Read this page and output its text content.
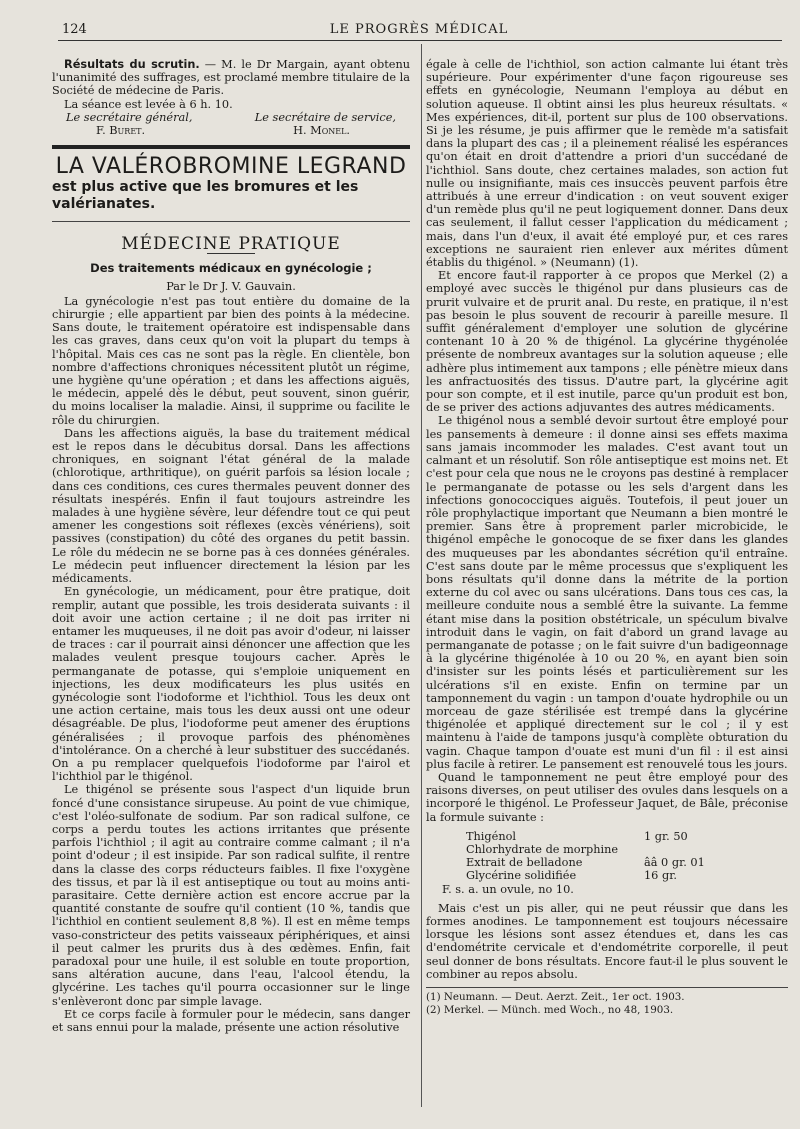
124	LE PROGRÈS MÉDICAL

Résultats du scrutin. — M. le Dr Margain, ayant obtenu l'unanimité des suffrages, est proclamé membre titulaire de la Société de médecine de Paris.

La séance est levée à 6 h. 10.

Le secrétaire général,	Le secrétaire de service,
F. Buret.	H. Monel.
LA VALÉROBROMINE LEGRAND
est plus active que les bromures et les valérianates.
MÉDECINE PRATIQUE
Des traitements médicaux en gynécologie ;
Par le Dr J. V. Gauvain.

La gynécologie n'est pas tout entière du domaine de la chirurgie ; elle appartient par bien des points à la médecine. Sans doute, le traitement opératoire est indispensable dans les cas graves, dans ceux qu'on voit la plupart du temps à l'hôpital. Mais ces cas ne sont pas la règle. En clientèle, bon nombre d'affections chroniques nécessitent plutôt un régime, une hygiène qu'une opération ; et dans les affections aiguës, le médecin, appelé dès le début, peut souvent, sinon guérir, du moins localiser la maladie. Ainsi, il supprime ou facilite le rôle du chirurgien.

Dans les affections aiguës, la base du traitement médical est le repos dans le décubitus dorsal. Dans les affections chroniques, en soignant l'état général de la malade (chlorotique, arthritique), on guérit parfois sa lésion locale ; dans ces conditions, ces cures thermales peuvent donner des résultats inespérés. Enfin il faut toujours astreindre les malades à une hygiène sévère, leur défendre tout ce qui peut amener les congestions soit réflexes (excès vénériens), soit passives (constipation) du côté des organes du petit bassin. Le rôle du médecin ne se borne pas à ces données générales. Le médecin peut influencer directement la lésion par les médicaments.

En gynécologie, un médicament, pour être pratique, doit remplir, autant que possible, les trois desiderata suivants : il doit avoir une action certaine ; il ne doit pas irriter ni entamer les muqueuses, il ne doit pas avoir d'odeur, ni laisser de traces : car il pourrait ainsi dénoncer une affection que les malades veulent presque toujours cacher. Après le permanganate de potasse, qui s'emploie uniquement en injections, les deux modificateurs les plus usités en gynécologie sont l'iodoforme et l'ichthiol. Tous les deux ont une action certaine, mais tous les deux aussi ont une odeur désagréable. De plus, l'iodoforme peut amener des éruptions généralisées ; il provoque parfois des phénomènes d'intolérance. On a cherché à leur substituer des succédanés. On a pu remplacer quelquefois l'iodoforme par l'airol et l'ichthiol par le thigénol.

Le thigénol se présente sous l'aspect d'un liquide brun foncé d'une consistance sirupeuse. Au point de vue chimique, c'est l'oléo-sulfonate de sodium. Par son radical sulfone, ce corps a perdu toutes les actions irritantes que présente parfois l'ichthiol ; il agit au contraire comme calmant ; il n'a point d'odeur ; il est insipide. Par son radical sulfite, il rentre dans la classe des corps réducteurs faibles. Il fixe l'oxygène des tissus, et par là il est antiseptique ou tout au moins anti-parasitaire. Cette dernière action est encore accrue par la quantité constante de soufre qu'il contient (10 %, tandis que l'ichthiol en contient seulement 8,8 %). Il est en même temps vaso-constricteur des petits vaisseaux périphériques, et ainsi il peut calmer les prurits dus à des œdèmes. Enfin, fait paradoxal pour une huile, il est soluble en toute proportion, sans altération aucune, dans l'eau, l'alcool étendu, la glycérine. Les taches qu'il pourra occasionner sur le linge s'enlèveront donc par simple lavage.

Et ce corps facile à formuler pour le médecin, sans danger et sans ennui pour la malade, présente une action résolutive

égale à celle de l'ichthiol, son action calmante lui étant très supérieure. Pour expérimenter d'une façon rigoureuse ses effets en gynécologie, Neumann l'employa au début en solution aqueuse. Il obtint ainsi les plus heureux résultats. « Mes expériences, dit-il, portent sur plus de 100 observations. Si je les résume, je puis affirmer que le remède m'a satisfait dans la plupart des cas ; il a pleinement réalisé les espérances qu'on était en droit d'attendre a priori d'un succédané de l'ichthiol. Sans doute, chez certaines malades, son action fut nulle ou insignifiante, mais ces insuccès peuvent parfois être attribués à une erreur d'indication : on veut souvent exiger d'un remède plus qu'il ne peut logiquement donner. Dans deux cas seulement, il fallut cesser l'application du médicament ; mais, dans l'un d'eux, il avait été employé pur, et ces rares exceptions ne sauraient rien enlever aux mérites dûment établis du thigénol. » (Neumann) (1).

Et encore faut-il rapporter à ce propos que Merkel (2) a employé avec succès le thigénol pur dans plusieurs cas de prurit vulvaire et de prurit anal. Du reste, en pratique, il n'est pas besoin le plus souvent de recourir à pareille mesure. Il suffit généralement d'employer une solution de glycérine contenant 10 à 20 % de thigénol. La glycérine thygénolée présente de nombreux avantages sur la solution aqueuse ; elle adhère plus intimement aux tampons ; elle pénètre mieux dans les anfractuosités des tissus. D'autre part, la glycérine agit pour son compte, et il est inutile, parce qu'un produit est bon, de se priver des actions adjuvantes des autres médicaments.

Le thigénol nous a semblé devoir surtout être employé pour les pansements à demeure : il donne ainsi ses effets maxima sans jamais incommoder les malades. C'est avant tout un calmant et un résolutif. Son rôle antiseptique est moins net. Et c'est pour cela que nous ne le croyons pas destiné à remplacer le permanganate de potasse ou les sels d'argent dans les infections gonococciques aiguës. Toutefois, il peut jouer un rôle prophylactique important que Neumann a bien montré le premier. Sans être à proprement parler microbicide, le thigénol empêche le gonocoque de se fixer dans les glandes des muqueuses par les abondantes sécrétion qu'il entraîne. C'est sans doute par le même processus que s'expliquent les bons résultats qu'il donne dans la métrite de la portion externe du col avec ou sans ulcérations. Dans tous ces cas, la meilleure conduite nous a semblé être la suivante. La femme étant mise dans la position obstétricale, un spéculum bivalve introduit dans le vagin, on fait d'abord un grand lavage au permanganate de potasse ; on le fait suivre d'un badigeonnage à la glycérine thigénolée à 10 ou 20 %, en ayant bien soin d'insister sur les points lésés et particulièrement sur les ulcérations s'il en existe. Enfin on termine par un tamponnement du vagin : un tampon d'ouate hydrophile ou un morceau de gaze stérilisée est trempé dans la glycérine thigénolée et appliqué directement sur le col ; il y est maintenu à l'aide de tampons jusqu'à complète obturation du vagin. Chaque tampon d'ouate est muni d'un fil : il est ainsi plus facile à retirer. Le pansement est renouvelé tous les jours.

Quand le tamponnement ne peut être employé pour des raisons diverses, on peut utiliser des ovules dans lesquels on a incorporé le thigénol. Le Professeur Jaquet, de Bâle, préconise la formule suivante :

Thigénol	1 gr. 50
Chlorhydrate de morphine
Extrait de belladone	ââ 0 gr. 01
Glycérine solidifiée	16 gr.
F. s. a. un ovule, no 10.

Mais c'est un pis aller, qui ne peut réussir que dans les formes anodines. Le tamponnement est toujours nécessaire lorsque les lésions sont assez étendues et, dans les cas d'endométrite cervicale et d'endométrite corporelle, il peut seul donner de bons résultats. Encore faut-il le plus souvent le combiner au repos absolu.

(1) Neumann. — Deut. Aerzt. Zeit., 1er oct. 1903.
(2) Merkel. — Münch. med Woch., no 48, 1903.
